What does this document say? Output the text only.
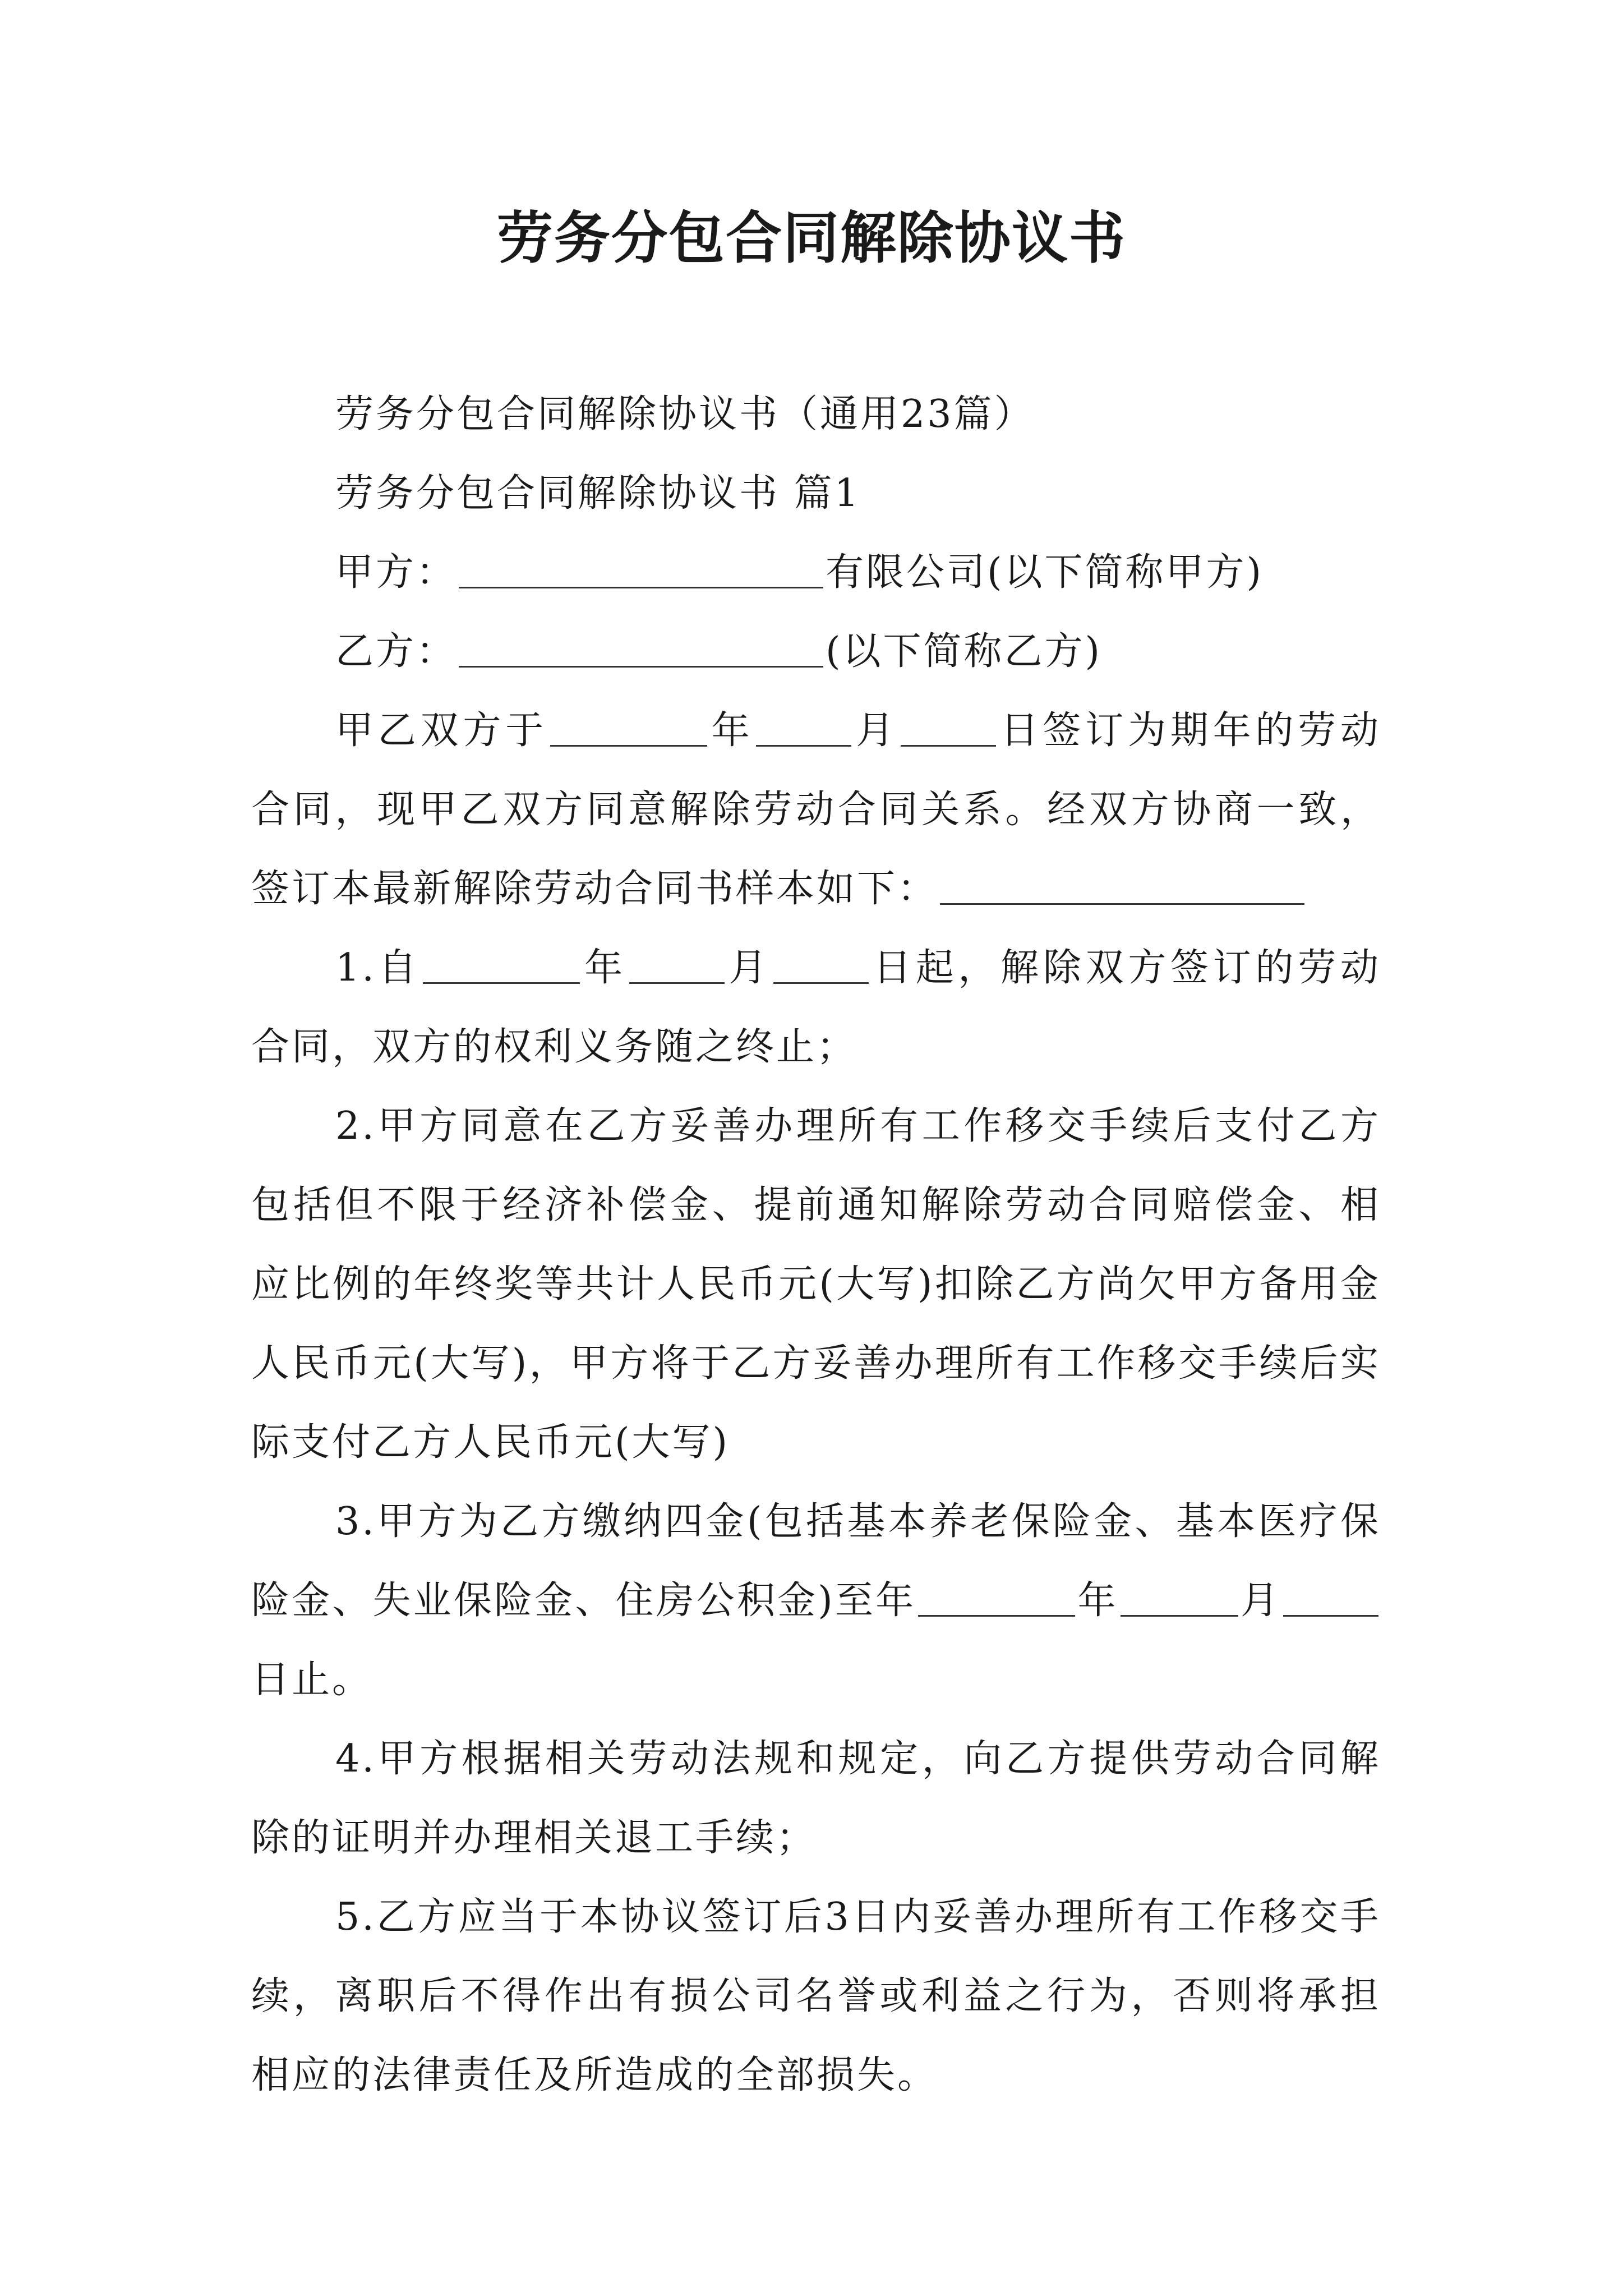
劳务分包合同解除协议书

劳务分包合同解除协议书（通用23篇）

劳务分包合同解除协议书 篇1

甲方：	有限公司(以下简称甲方)

乙方：	(以下简称乙方)

甲乙双方于	年	月	日签订为期年的劳动合同，现甲乙双方同意解除劳动合同关系。经双方协商一致，签订本最新解除劳动合同书样本如下：

1.自	年	月	日起，解除双方签订的劳动合同，双方的权利义务随之终止；

2.甲方同意在乙方妥善办理所有工作移交手续后支付乙方包括但不限于经济补偿金、提前通知解除劳动合同赔偿金、相应比例的年终奖等共计人民币元(大写)扣除乙方尚欠甲方备用金人民币元(大写)，甲方将于乙方妥善办理所有工作移交手续后实际支付乙方人民币元(大写)

3.甲方为乙方缴纳四金(包括基本养老保险金、基本医疗保险金、失业保险金、住房公积金)至年	年	月日止。

4.甲方根据相关劳动法规和规定，向乙方提供劳动合同解除的证明并办理相关退工手续；

5.乙方应当于本协议签订后3日内妥善办理所有工作移交手续，离职后不得作出有损公司名誉或利益之行为，否则将承担相应的法律责任及所造成的全部损失。
